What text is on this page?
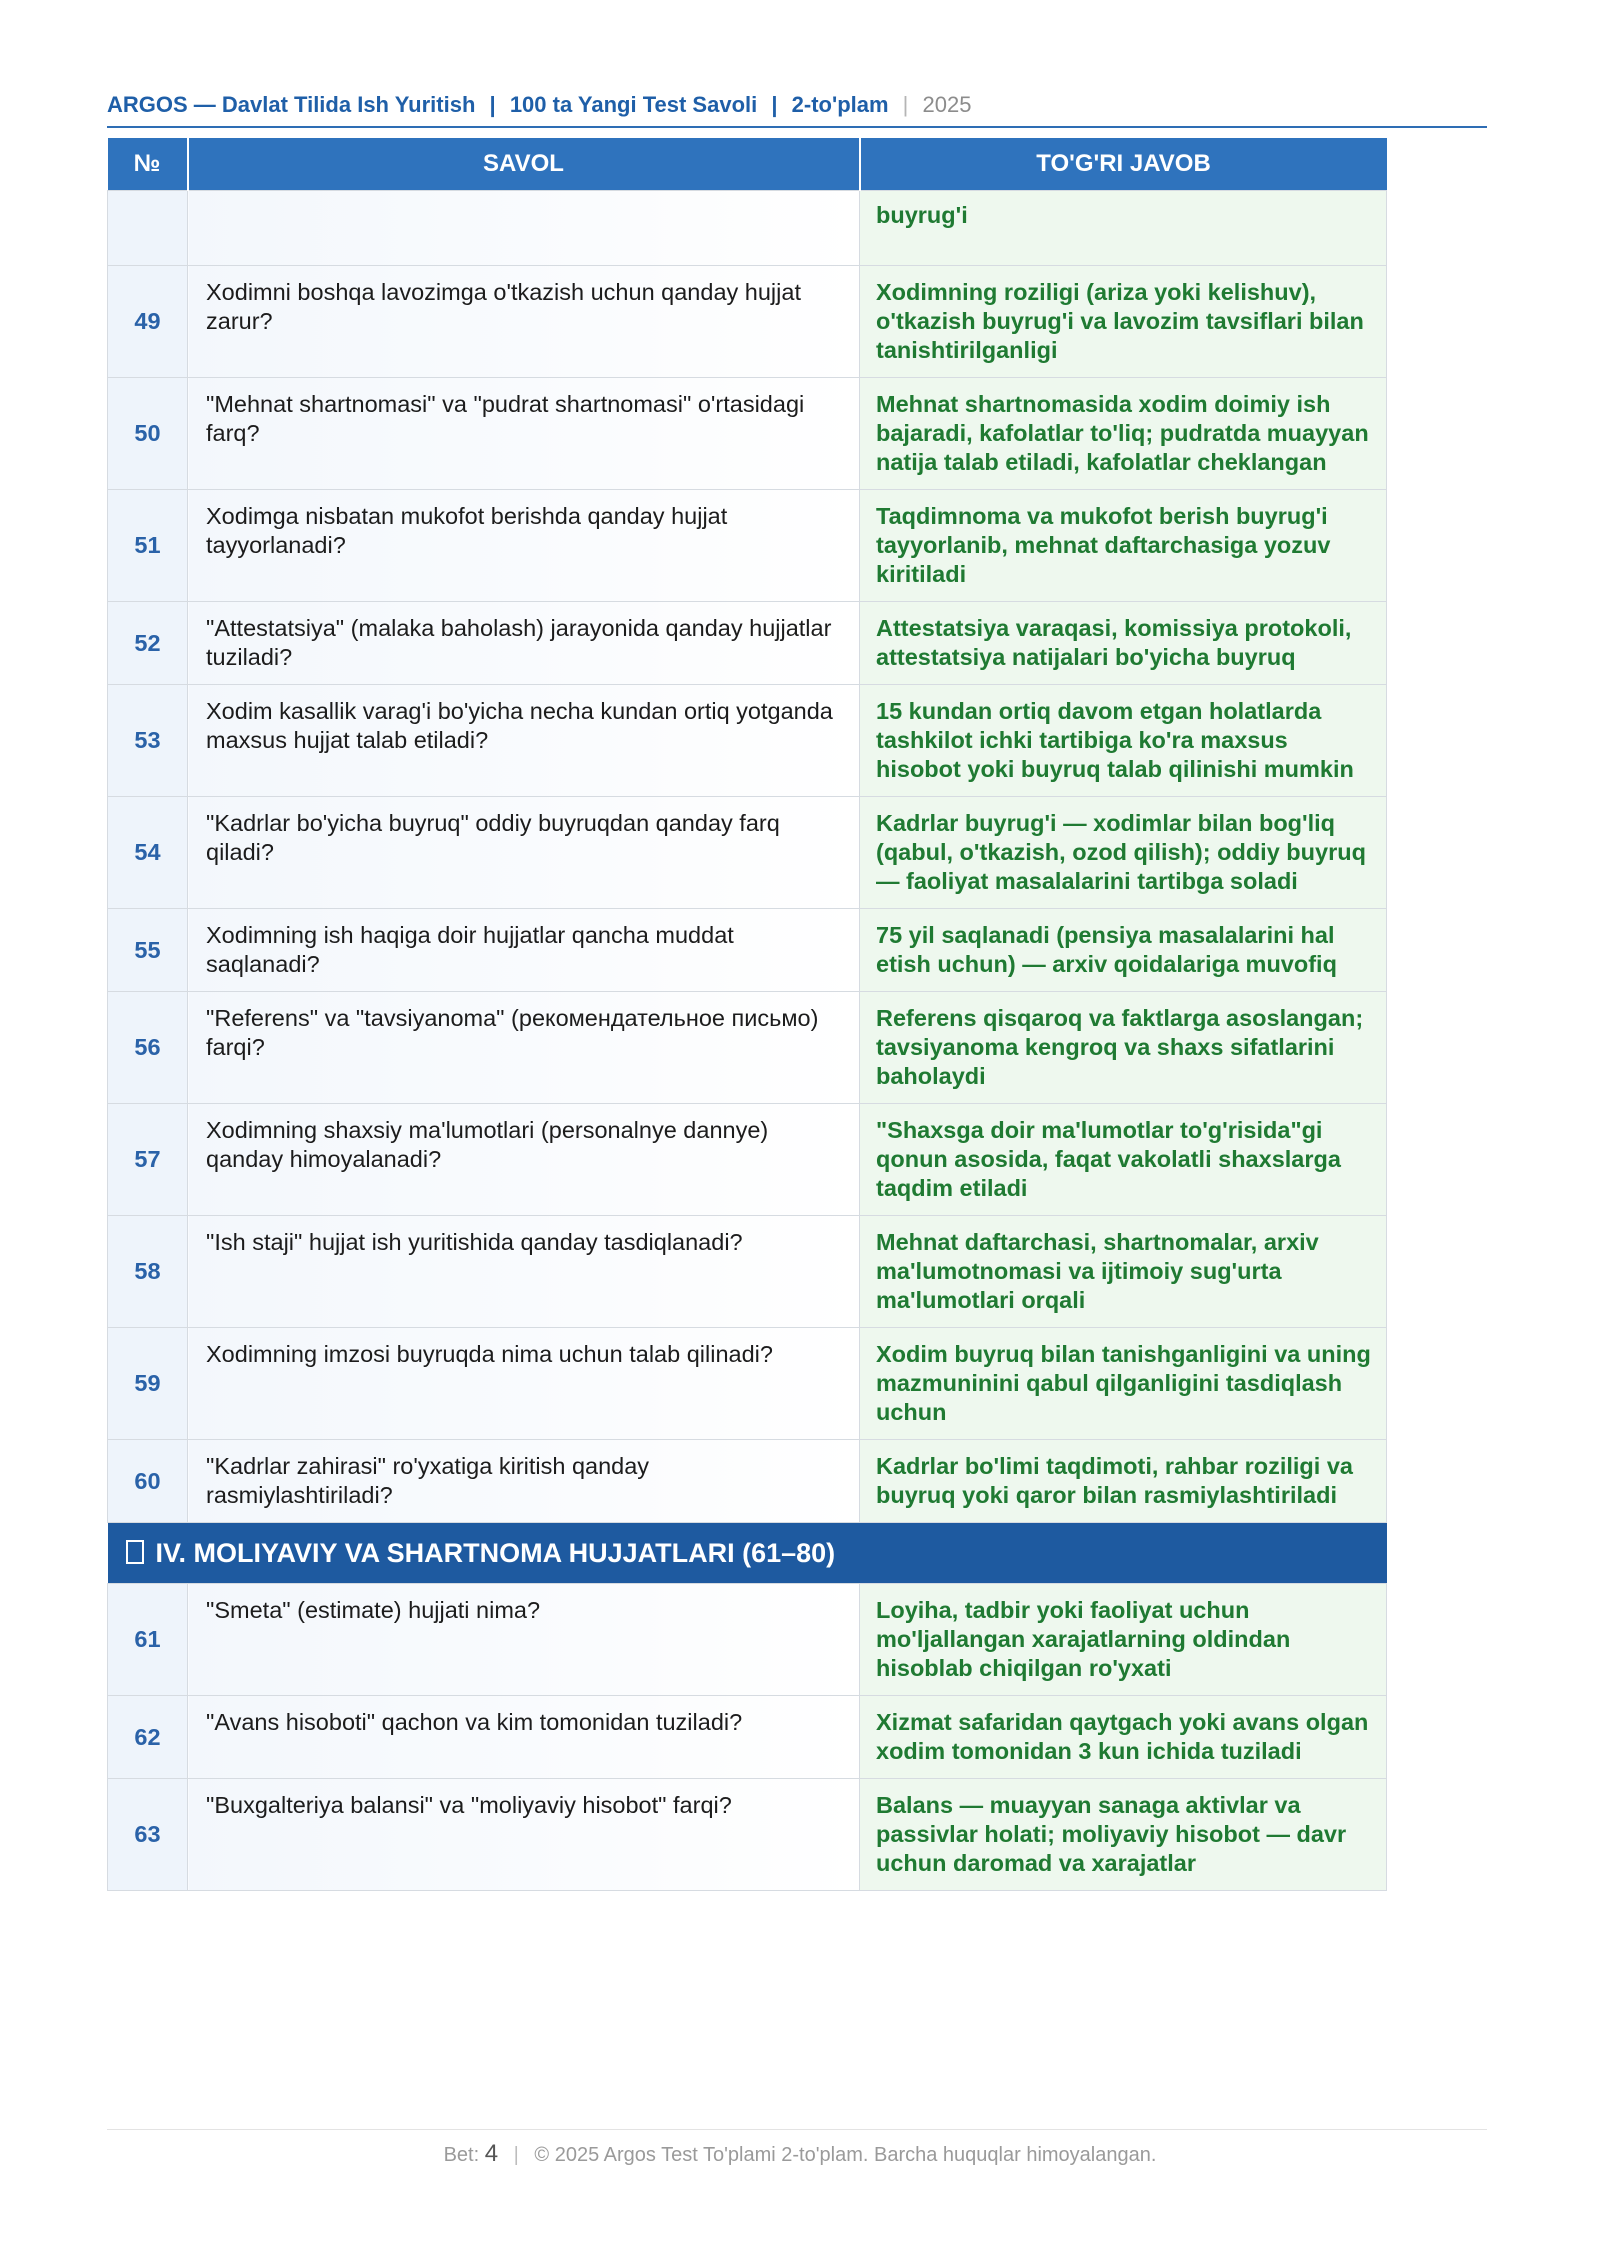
ARGOS — Davlat Tilida Ish Yuritish | 100 ta Yangi Test Savoli | 2-to'plam | 2025
№	SAVOL	TO'G'RI JAVOB
		buyrug'i
49	Xodimni boshqa lavozimga o'tkazish uchun qanday hujjat zarur?	Xodimning roziligi (ariza yoki kelishuv), o'tkazish buyrug'i va lavozim tavsiflari bilan tanishtirilganligi
50	"Mehnat shartnomasi" va "pudrat shartnomasi" o'rtasidagi farq?	Mehnat shartnomasida xodim doimiy ish bajaradi, kafolatlar to'liq; pudratda muayyan natija talab etiladi, kafolatlar cheklangan
51	Xodimga nisbatan mukofot berishda qanday hujjat tayyorlanadi?	Taqdimnoma va mukofot berish buyrug'i tayyorlanib, mehnat daftarchasiga yozuv kiritiladi
52	"Attestatsiya" (malaka baholash) jarayonida qanday hujjatlar tuziladi?	Attestatsiya varaqasi, komissiya protokoli, attestatsiya natijalari bo'yicha buyruq
53	Xodim kasallik varag'i bo'yicha necha kundan ortiq yotganda maxsus hujjat talab etiladi?	15 kundan ortiq davom etgan holatlarda tashkilot ichki tartibiga ko'ra maxsus hisobot yoki buyruq talab qilinishi mumkin
54	"Kadrlar bo'yicha buyruq" oddiy buyruqdan qanday farq qiladi?	Kadrlar buyrug'i — xodimlar bilan bog'liq (qabul, o'tkazish, ozod qilish); oddiy buyruq — faoliyat masalalarini tartibga soladi
55	Xodimning ish haqiga doir hujjatlar qancha muddat saqlanadi?	75 yil saqlanadi (pensiya masalalarini hal etish uchun) — arxiv qoidalariga muvofiq
56	"Referens" va "tavsiyanoma" (рекомендательное письмо) farqi?	Referens qisqaroq va faktlarga asoslangan; tavsiyanoma kengroq va shaxs sifatlarini baholaydi
57	Xodimning shaxsiy ma'lumotlari (personalnye dannye) qanday himoyalanadi?	"Shaxsga doir ma'lumotlar to'g'risida"gi qonun asosida, faqat vakolatli shaxslarga taqdim etiladi
58	"Ish staji" hujjat ish yuritishida qanday tasdiqlanadi?	Mehnat daftarchasi, shartnomalar, arxiv ma'lumotnomasi va ijtimoiy sug'urta ma'lumotlari orqali
59	Xodimning imzosi buyruqda nima uchun talab qilinadi?	Xodim buyruq bilan tanishganligini va uning mazmuninini qabul qilganligini tasdiqlash uchun
60	"Kadrlar zahirasi" ro'yxatiga kiritish qanday rasmiylashtiriladi?	Kadrlar bo'limi taqdimoti, rahbar roziligi va buyruq yoki qaror bilan rasmiylashtiriladi
IV. MOLIYAVIY VA SHARTNOMA HUJJATLARI (61–80)		
61	"Smeta" (estimate) hujjati nima?	Loyiha, tadbir yoki faoliyat uchun mo'ljallangan xarajatlarning oldindan hisoblab chiqilgan ro'yxati
62	"Avans hisoboti" qachon va kim tomonidan tuziladi?	Xizmat safaridan qaytgach yoki avans olgan xodim tomonidan 3 kun ichida tuziladi
63	"Buxgalteriya balansi" va "moliyaviy hisobot" farqi?	Balans — muayyan sanaga aktivlar va passivlar holati; moliyaviy hisobot — davr uchun daromad va xarajatlar
Bet: 4 | © 2025 Argos Test To'plami 2-to'plam. Barcha huquqlar himoyalangan.
